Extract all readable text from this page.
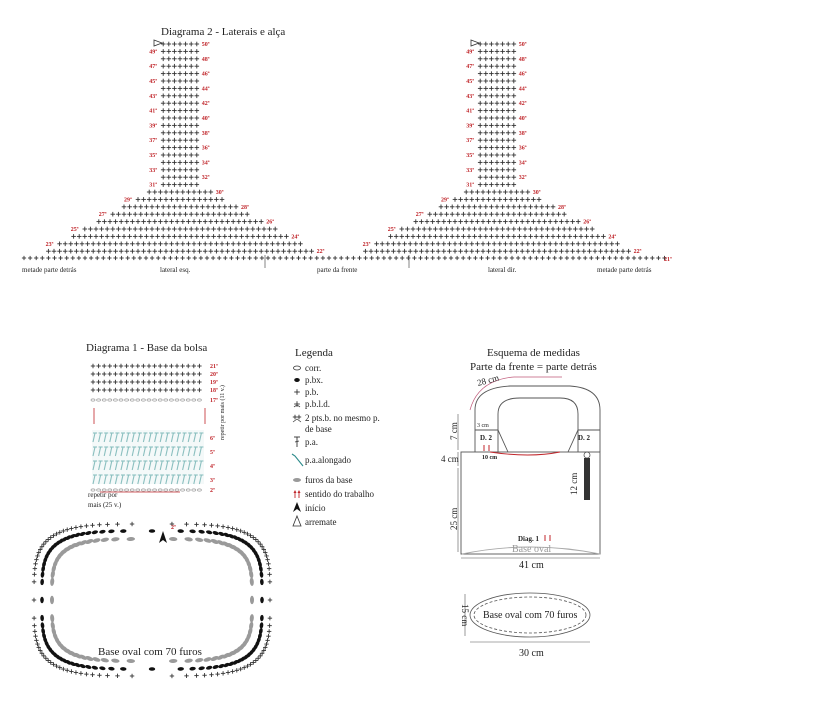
Diagrama 2 - Laterais e alça
50ª
49ª
48ª
47ª
46ª
45ª
44ª
43ª
42ª
41ª
40ª
39ª
38ª
37ª
36ª
35ª
34ª
33ª
32ª
31ª
30ª
29ª
28ª
27ª
26ª
25ª
24ª
23ª
22ª
50ª
49ª
48ª
47ª
46ª
45ª
44ª
43ª
42ª
41ª
40ª
39ª
38ª
37ª
36ª
35ª
34ª
33ª
32ª
31ª
30ª
29ª
28ª
27ª
26ª
25ª
24ª
23ª
22ª
21ª
metade parte detrás	lateral esq.	parte da frente	lateral dir.	metade parte detrás
Diagrama 1 - Base da bolsa
21ª
20ª
19ª
18ª
17ª
6ª
5ª
4ª
3ª
2ª
repetir por mais (11 v.)
repetir por
mais (25 v.)
2ª
Base oval com 70 furos
Legenda
corr.
p.bx.
p.b.
p.b.l.d.
2 pts.b. no mesmo p.
de base
p.a.
p.a.alongado
furos da base
sentido do trabalho
início
arremate
Esquema de medidas
Parte da frente = parte detrás
28 cm
7 cm
4 cm
25 cm
3 cm
D. 2	D. 2
10 cm
12 cm
Diag. 1
Base oval
41 cm
Base oval com 70 furos
15 cm
30 cm
